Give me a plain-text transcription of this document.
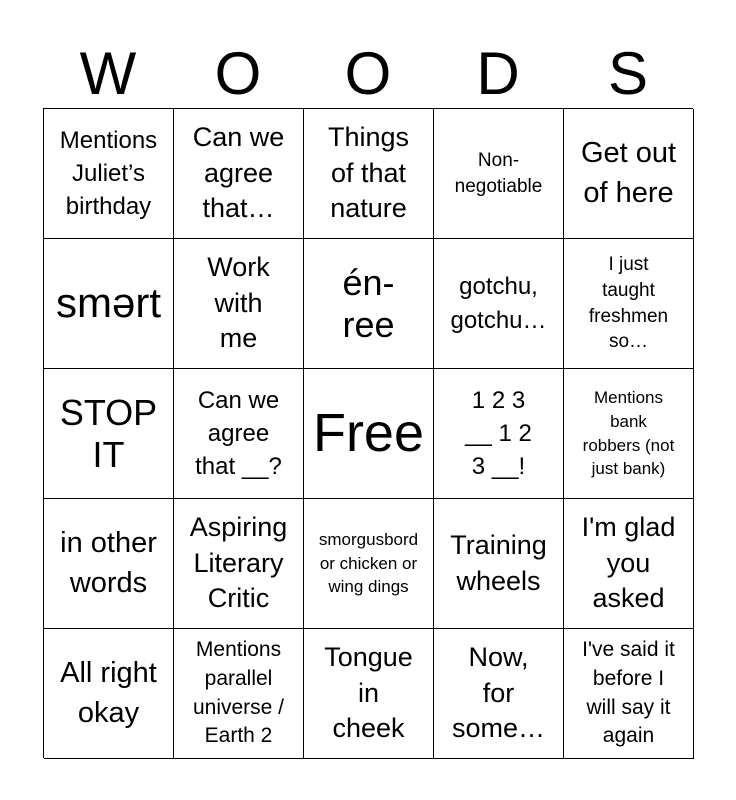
W	O	O	D	S
Mentions
Juliet’s
birthday
Can we
agree
that…
Things
of that
nature
Non-
negotiable
Get out
of here
smərt
Work
with
me
én-
ree
gotchu,
gotchu…
I just
taught
freshmen
so…
STOP
IT
Can we
agree
that __?
Free
1 2 3
__ 1 2
3 __!
Mentions
bank
robbers (not
just bank)
in other
words
Aspiring
Literary
Critic
smorgusbord
or chicken or
wing dings
Training
wheels
I'm glad
you
asked
All right
okay
Mentions
parallel
universe /
Earth 2
Tongue
in
cheek
Now,
for
some…
I've said it
before I
will say it
again
